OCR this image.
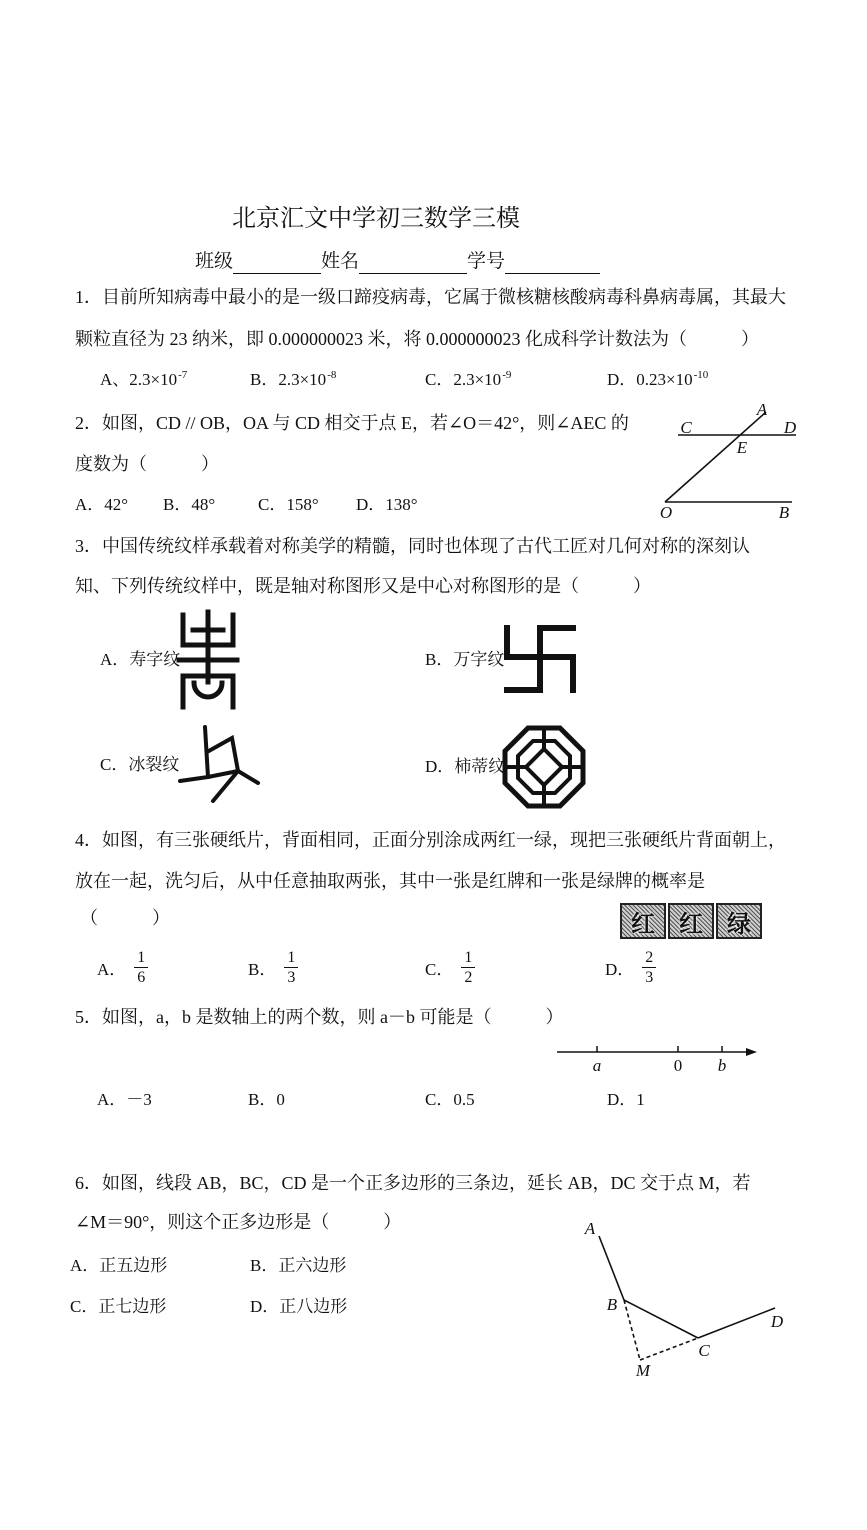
北京汇文中学初三数学三模
班级	姓名	学号
1．目前所知病毒中最小的是一级口蹄疫病毒，它属于微核糖核酸病毒科鼻病毒属，其最大
颗粒直径为 23 纳米，即 0.000000023 米，将 0.000000023 化成科学计数法为（　　　）
A、$2.3\times 10^{-7}$	B．$2.3\times 10^{-8}$	C．$2.3\times 10^{-9}$	D．$0.23\times 10^{-10}$
2．如图，CD // OB，OA 与 CD 相交于点 E，若∠O＝42°，则∠AEC 的
度数为（　　　）
A．42° B．48°	C．158° D．138°
3．中国传统纹样承载着对称美学的精髓，同时也体现了古代工匠对几何对称的深刻认
知、下列传统纹样中，既是轴对称图形又是中心对称图形的是（　　　）
A．寿字纹	B．万字纹
C．冰裂纹	D．柿蒂纹
4．如图，有三张硬纸片，背面相同，正面分别涂成两红一绿，现把三张硬纸片背面朝上，
放在一起，洗匀后，从中任意抽取两张，其中一张是红牌和一张是绿牌的概率是
（　　　）	红	红	绿
A． $\frac{1}{6}$	B． $\frac{1}{3}$	C． $\frac{1}{2}$	D． $\frac{2}{3}$
5．如图，a，b 是数轴上的两个数，则 a－b 可能是（　　　）
A．－3	B．0	C．0.5	D．1
6．如图，线段 AB，BC，CD 是一个正多边形的三条边，延长 AB，DC 交于点 M，若
∠M＝90°，则这个正多边形是（　　　）
A．正五边形	B．正六边形
C．正七边形	D．正八边形
C
A
D
E
O	B
a	0 b
A
B
C
D
M
